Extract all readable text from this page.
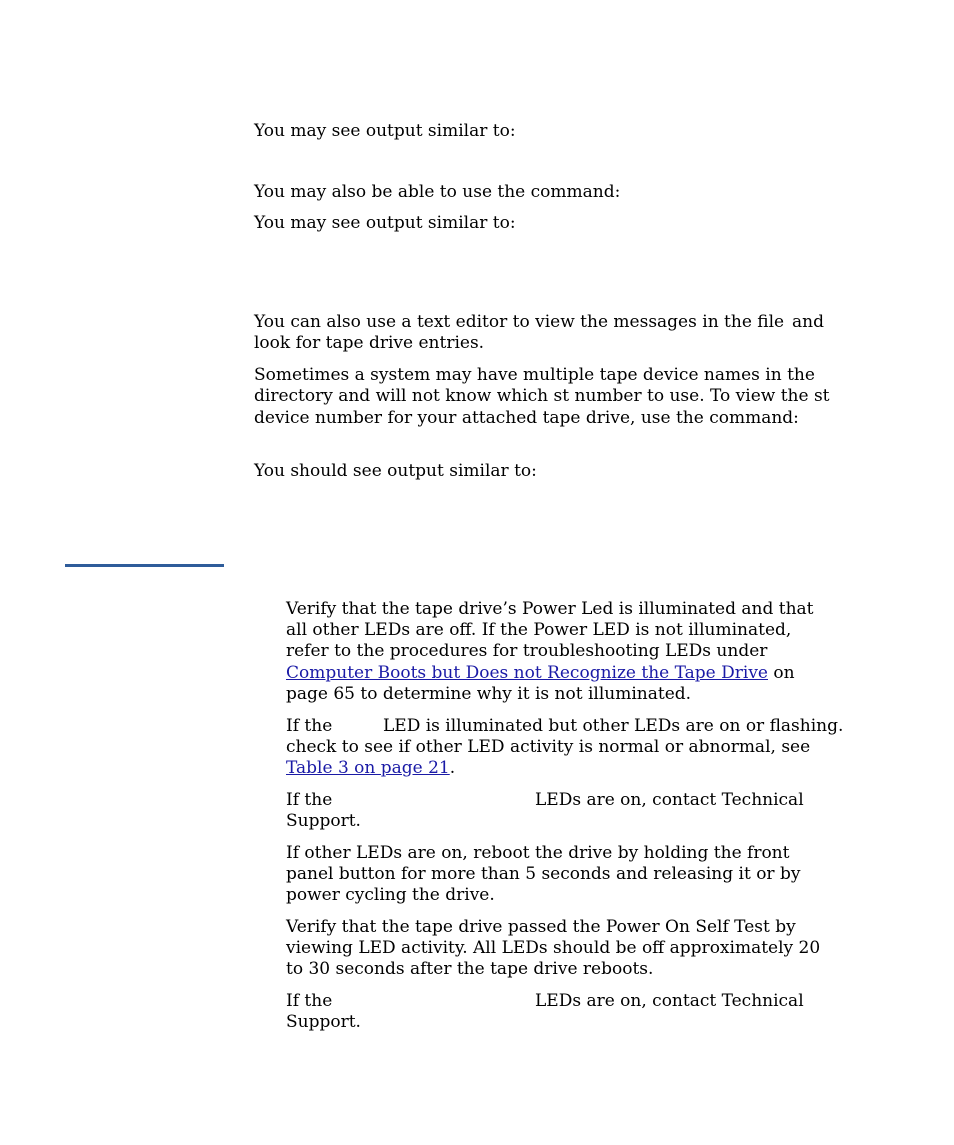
You may see output similar to:

You may also be able to use the command:

You may see output similar to:

You can also use a text editor to view the messages in the file and

look for tape drive entries.

Sometimes a system may have multiple tape device names in the

directory and will not know which st number to use. To view the st

device number for your attached tape drive, use the command:

You should see output similar to:

Verify that the tape drive’s Power Led is illuminated and that all other LEDs are off. If the Power LED is not illuminated, refer to the procedures for troubleshooting LEDs under Computer Boots but Does not Recognize the Tape Drive on page 65 to determine why it is not illuminated.

If the	LED is illuminated but other LEDs are on or flashing.

check to see if other LED activity is normal or abnormal, see Table 3 on page 21.

If the	LEDs are on, contact Technical

Support.

If other LEDs are on, reboot the drive by holding the front panel button for more than 5 seconds and releasing it or by power cycling the drive.

Verify that the tape drive passed the Power On Self Test by viewing LED activity. All LEDs should be off approximately 20 to 30 seconds after the tape drive reboots.

If the	LEDs are on, contact Technical

Support.
